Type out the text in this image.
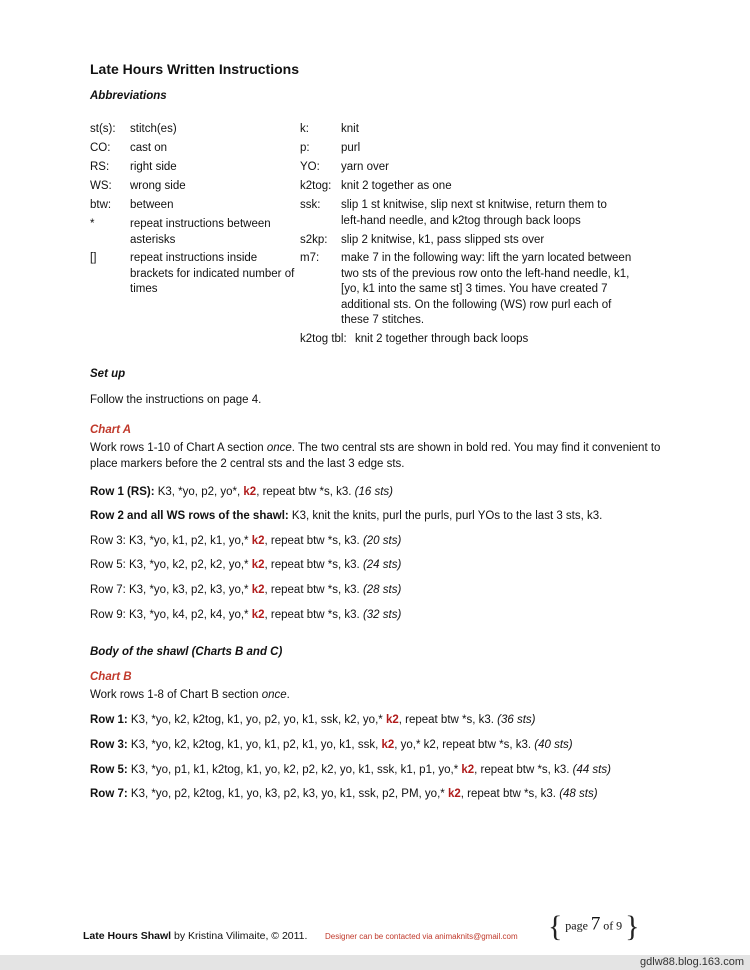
Late Hours Written Instructions
Abbreviations
st(s): stitch(es)
CO: cast on
RS: right side
WS: wrong side
btw: between
*	repeat instructions between asterisks
[]	repeat instructions inside brackets for indicated number of times
k:	knit
p:	purl
YO: yarn over
k2tog: knit 2 together as one
ssk: slip 1 st knitwise, slip next st knitwise, return them to left-hand needle, and k2tog through back loops
s2kp: slip 2 knitwise, k1, pass slipped sts over
m7: make 7 in the following way: lift the yarn located between two sts of the previous row onto the left-hand needle, k1, [yo, k1 into the same st] 3 times. You have created 7 additional sts. On the following (WS) row purl each of these 7 stitches.
k2tog tbl: knit 2 together through back loops
Set up
Follow the instructions on page 4.
Chart A
Work rows 1-10 of Chart A section once. The two central sts are shown in bold red. You may find it convenient to place markers before the 2 central sts and the last 3 edge sts.
Row 1 (RS): K3, *yo, p2, yo*, k2, repeat btw *s, k3. (16 sts)
Row 2 and all WS rows of the shawl: K3, knit the knits, purl the purls, purl YOs to the last 3 sts, k3.
Row 3: K3, *yo, k1, p2, k1, yo,* k2, repeat btw *s, k3. (20 sts)
Row 5: K3, *yo, k2, p2, k2, yo,* k2, repeat btw *s, k3. (24 sts)
Row 7: K3, *yo, k3, p2, k3, yo,* k2, repeat btw *s, k3. (28 sts)
Row 9: K3, *yo, k4, p2, k4, yo,* k2, repeat btw *s, k3. (32 sts)
Body of the shawl (Charts B and C)
Chart B
Work rows 1-8 of Chart B section once.
Row 1: K3, *yo, k2, k2tog, k1, yo, p2, yo, k1, ssk, k2, yo,* k2, repeat btw *s, k3. (36 sts)
Row 3: K3, *yo, k2, k2tog, k1, yo, k1, p2, k1, yo, k1, ssk, k2, yo,* k2, repeat btw *s, k3. (40 sts)
Row 5: K3, *yo, p1, k1, k2tog, k1, yo, k2, p2, k2, yo, k1, ssk, k1, p1, yo,* k2, repeat btw *s, k3. (44 sts)
Row 7: K3, *yo, p2, k2tog, k1, yo, k3, p2, k3, yo, k1, ssk, p2, PM, yo,* k2, repeat btw *s, k3. (48 sts)
Late Hours Shawl by Kristina Vilimaite, © 2011. Designer can be contacted via animaknits@gmail.com { page 7 of 9 }
gdlw88.blog.163.com
